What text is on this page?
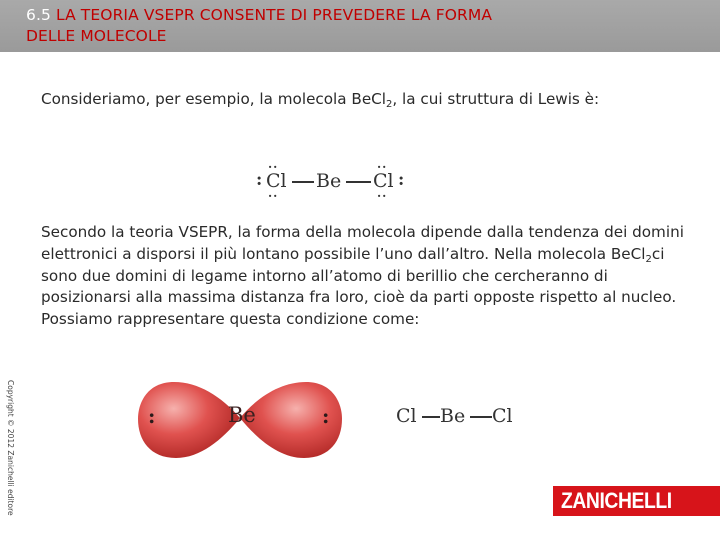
6.5 LA TEORIA VSEPR CONSENTE DI PREVEDERE LA FORMA
DELLE MOLECOLE

Consideriamo, per esempio, la molecola BeCl$_2$, la cui struttura di Lewis è:

··
··
: Cl Be
··
··
Cl :

Secondo la teoria VSEPR, la forma della molecola dipende dalla tendenza dei domini elettronici a disporsi il più lontano possibile l’uno dall’altro. Nella molecola BeCl$_2$ci sono due domini di legame intorno all’atomo di berillio che cercheranno di posizionarsi alla massima distanza fra loro, cioè da parti opposte rispetto al nucleo. Possiamo rappresentare questa condizione come:

Copyright © 2012 Zanichelli editore	Be
:	:	Cl Be Cl
ZANICHELLI
